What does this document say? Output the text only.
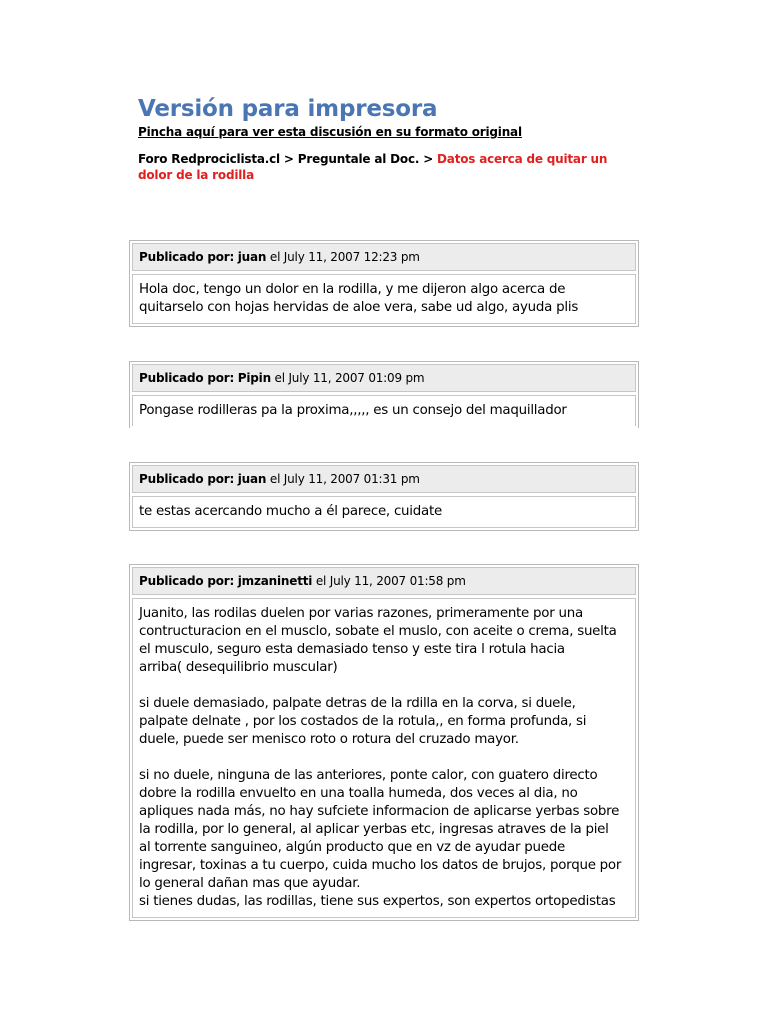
Versión para impresora
Pincha aquí para ver esta discusión en su formato original
Foro Redprociclista.cl > Preguntale al Doc. > Datos acerca de quitar un dolor de la rodilla
Publicado por: juan el July 11, 2007 12:23 pm
Hola doc, tengo un dolor en la rodilla, y me dijeron algo acerca de
quitarselo con hojas hervidas de aloe vera, sabe ud algo, ayuda plis
Publicado por: Pipin el July 11, 2007 01:09 pm
Pongase rodilleras pa la proxima,,,,, es un consejo del maquillador
Publicado por: juan el July 11, 2007 01:31 pm
te estas acercando mucho a él parece, cuidate
Publicado por: jmzaninetti el July 11, 2007 01:58 pm
Juanito, las rodilas duelen por varias razones, primeramente por una
contructuracion en el musclo, sobate el muslo, con aceite o crema, suelta
el musculo, seguro esta demasiado tenso y este tira l rotula hacia
arriba( desequilibrio muscular)

si duele demasiado, palpate detras de la rdilla en la corva, si duele,
palpate delnate , por los costados de la rotula,, en forma profunda, si
duele, puede ser menisco roto o rotura del cruzado mayor.

si no duele, ninguna de las anteriores, ponte calor, con guatero directo
dobre la rodilla envuelto en una toalla humeda, dos veces al dia, no
apliques nada más, no hay sufciete informacion de aplicarse yerbas sobre
la rodilla, por lo general, al aplicar yerbas etc, ingresas atraves de la piel
al torrente sanguineo, algún producto que en vz de ayudar puede
ingresar, toxinas a tu cuerpo, cuida mucho los datos de brujos, porque por
lo general dañan mas que ayudar.
si tienes dudas, las rodillas, tiene sus expertos, son expertos ortopedistas
